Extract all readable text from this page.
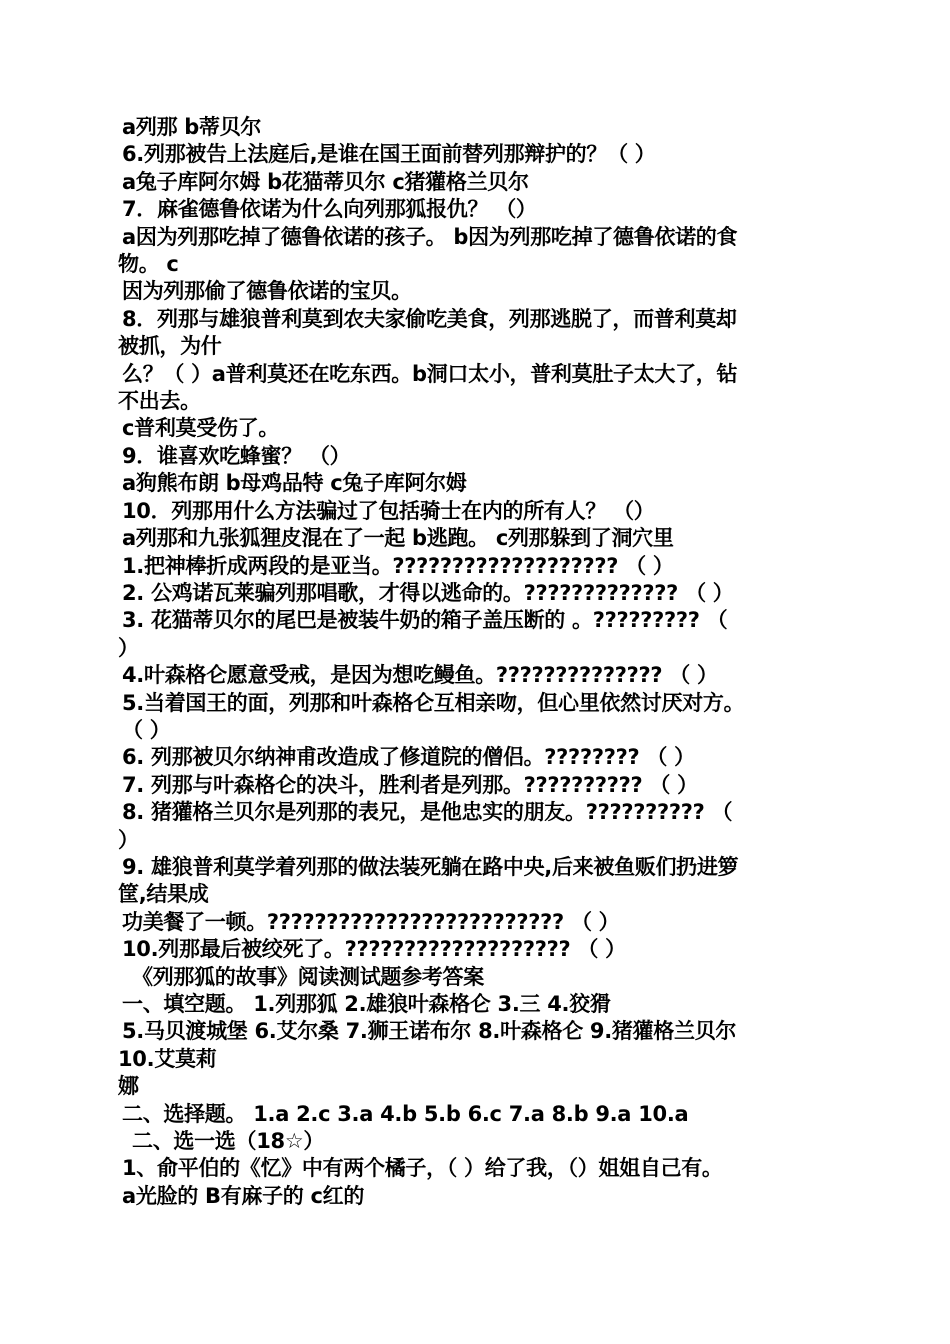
a列那 b蒂贝尔
6.列那被告上法庭后,是谁在国王面前替列那辩护的？（ ）
a兔子库阿尔姆 b花猫蒂贝尔 c猪獾格兰贝尔
7．麻雀德鲁依诺为什么向列那狐报仇？ （）
a因为列那吃掉了德鲁依诺的孩子。 b因为列那吃掉了德鲁依诺的食
物。 c
因为列那偷了德鲁依诺的宝贝。
8．列那与雄狼普利莫到农夫家偷吃美食，列那逃脱了，而普利莫却
被抓，为什
么？（ ）a普利莫还在吃东西。b洞口太小，普利莫肚子太大了，钻
不出去。
c普利莫受伤了。
9．谁喜欢吃蜂蜜？ （）
a狗熊布朗 b母鸡品特 c兔子库阿尔姆
10．列那用什么方法骗过了包括骑士在内的所有人？ （）
a列那和九张狐狸皮混在了一起 b逃跑。 c列那躲到了洞穴里
1.把神棒折成两段的是亚当。??????????????????? （ ）
2. 公鸡诺瓦莱骗列那唱歌，才得以逃命的。????????????? （ ）
3. 花猫蒂贝尔的尾巴是被装牛奶的箱子盖压断的 。????????? （
）
4.叶森格仑愿意受戒，是因为想吃鳗鱼。?????????????? （ ）
5.当着国王的面，列那和叶森格仑互相亲吻，但心里依然讨厌对方。
（ ）
6. 列那被贝尔纳神甫改造成了修道院的僧侣。???????? （ ）
7. 列那与叶森格仑的决斗，胜利者是列那。?????????? （ ）
8. 猪獾格兰贝尔是列那的表兄，是他忠实的朋友。?????????? （
）
9. 雄狼普利莫学着列那的做法装死躺在路中央,后来被鱼贩们扔进箩
筐,结果成
功美餐了一顿。????????????????????????? （ ）
10.列那最后被绞死了。??????????????????? （ ）
《列那狐的故事》阅读测试题参考答案
一、填空题。 1.列那狐 2.雄狼叶森格仑 3.三 4.狡猾
5.马贝渡城堡 6.艾尔桑 7.狮王诺布尔 8.叶森格仑 9.猪獾格兰贝尔
10.艾莫莉
娜
二、选择题。 1.a 2.c 3.a 4.b 5.b 6.c 7.a 8.b 9.a 10.a
二、选一选（18☆）
1、俞平伯的《忆》中有两个橘子，（ ）给了我，（）姐姐自己有。
a光脸的 B有麻子的 c红的
